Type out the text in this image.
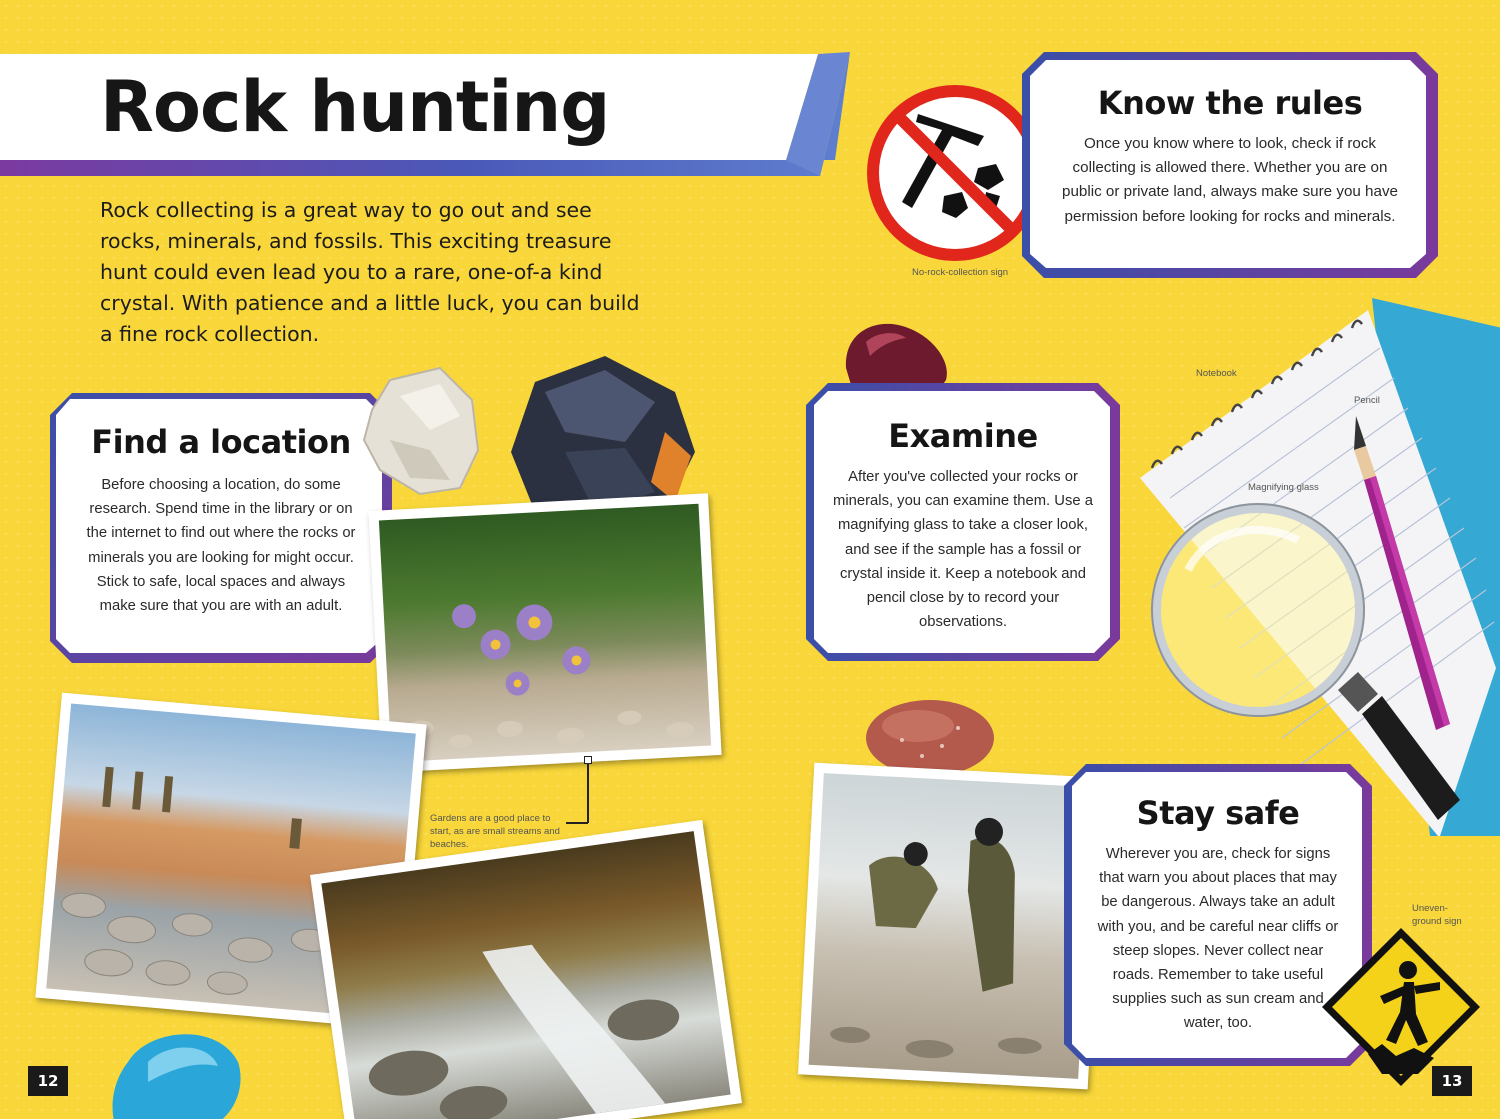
Rock hunting
Rock collecting is a great way to go out and see rocks, minerals, and fossils. This exciting treasure hunt could even lead you to a rare, one-of-a kind crystal. With patience and a little luck, you can build a fine rock collection.
No-rock-collection sign
Know the rules

Once you know where to look, check if rock collecting is allowed there. Whether you are on public or private land, always make sure you have permission before looking for rocks and minerals.

Find a location

Before choosing a location, do some research. Spend time in the library or on the internet to find out where the rocks or minerals you are looking for might occur. Stick to safe, local spaces and always make sure that you are with an adult.

Gardens are a good place to start, as are small streams and beaches.
Examine

After you've collected your rocks or minerals, you can examine them. Use a magnifying glass to take a closer look, and see if the sample has a fossil or crystal inside it. Keep a notebook and pencil close by to record your observations.

Notebook
Pencil
Magnifying glass
Stay safe

Wherever you are, check for signs that warn you about places that may be dangerous. Always take an adult with you, and be careful near cliffs or steep slopes. Never collect near roads. Remember to take useful supplies such as sun cream and water, too.

Uneven-ground sign
12	13
